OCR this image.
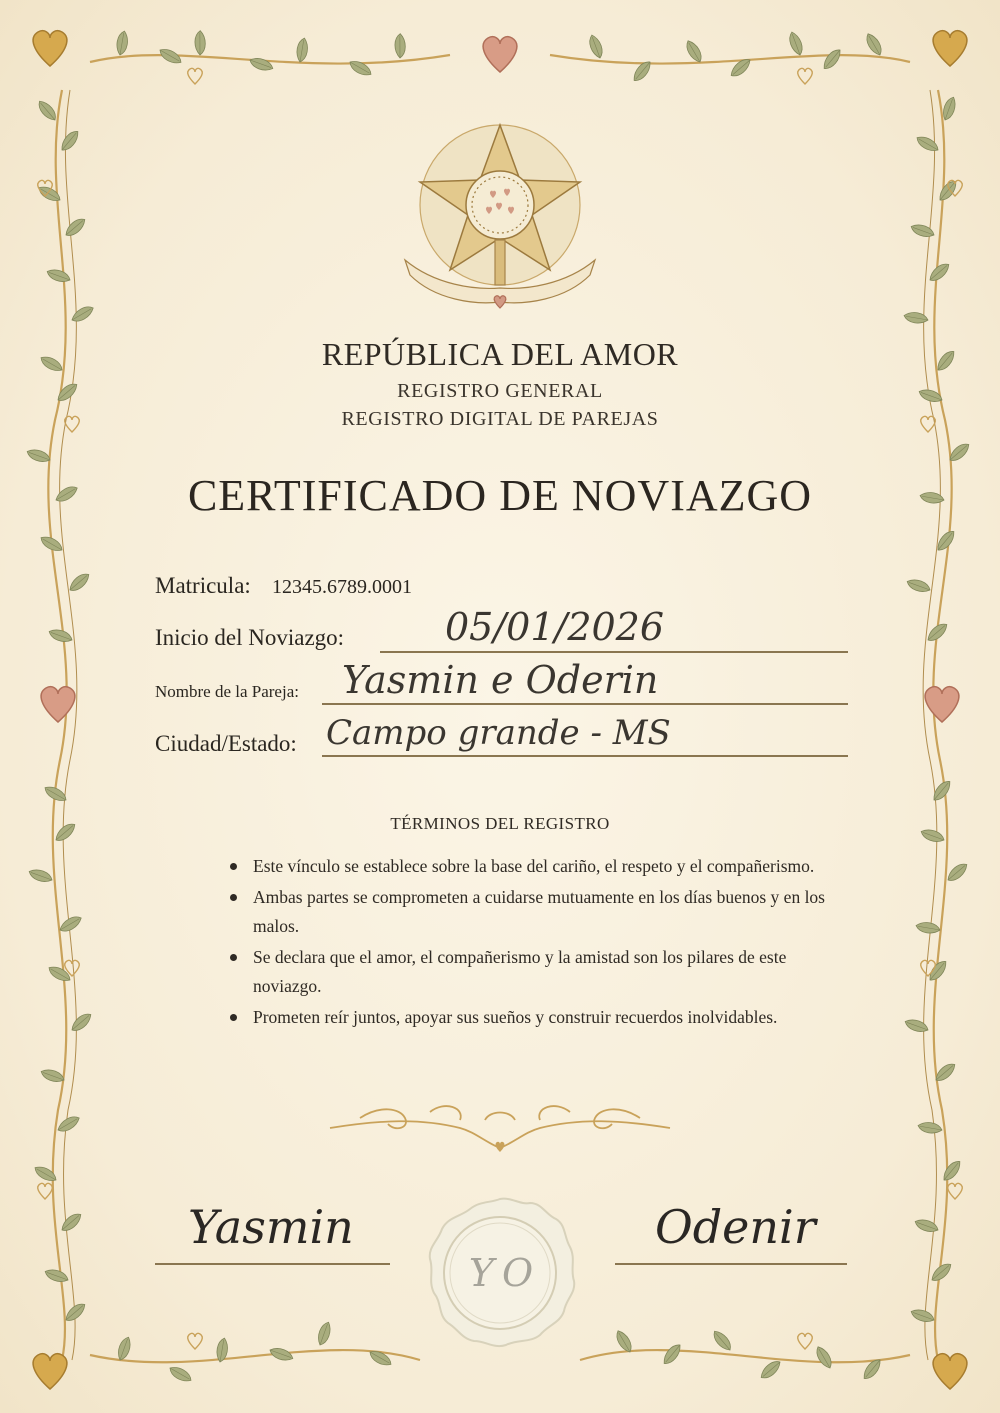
REPÚBLICA DEL AMOR
REGISTRO GENERAL
REGISTRO DIGITAL DE PAREJAS
CERTIFICADO DE NOVIAZGO
Matricula: 12345.6789.0001
Inicio del Noviazgo:	05/01/2026
Nombre de la Pareja: Yasmin e Oderin
Ciudad/Estado: Campo grande - MS
TÉRMINOS DEL REGISTRO
Este vínculo se establece sobre la base del cariño, el respeto y el compañerismo.
Ambas partes se comprometen a cuidarse mutuamente en los días buenos y en los malos.
Se declara que el amor, el compañerismo y la amistad son los pilares de este noviazgo.
Prometen reír juntos, apoyar sus sueños y construir recuerdos inolvidables.
Yasmin	Odenir
Y O
